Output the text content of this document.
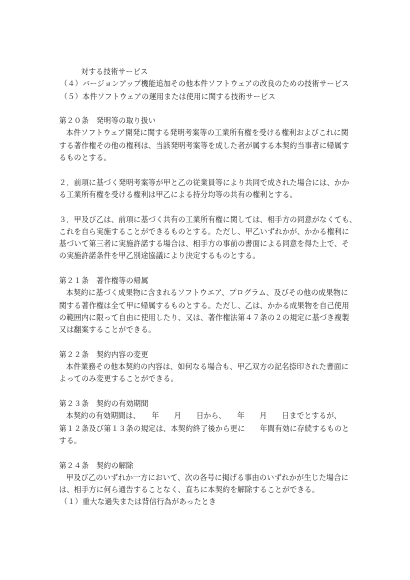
対する技術サービス
（４）バージョンアップ機能追加その他本件ソフトウェアの改良のための技術サービス
（５）本件ソフトウェアの運用または使用に関する技術サービス
第２０条　発明等の取り扱い
本件ソフトウェア開発に関する発明考案等の工業所有権を受ける権利およびこれに関
する著作権その他の権利は、当該発明考案等を成した者が属する本契約当事者に帰属す
るものとする。
２．前項に基づく発明考案等が甲と乙の従業員等により共同で成された場合には、かか
る工業所有権を受ける権利は甲乙による持分均等の共有の権利とする。
３．甲及び乙は、前項に基づく共有の工業所有権に関しては、相手方の同意がなくても、
これを自ら実施することができるものとする。ただし、甲乙いずれかが、かかる権利に
基づいて第三者に実施許諾する場合は、相手方の事前の書面による同意を得た上で、そ
の実施許諾条件を甲乙別途協議により決定するものとする。
第２１条　著作権等の帰属
本契約に基づく成果物に含まれるソフトウエア、プログラム、及びその他の成果物に
関する著作権は全て甲に帰属するものとする。ただし、乙は、かかる成果物を自己使用
の範囲内に限って自由に使用したり、又は、著作権法第４７条の２の規定に基づき複製
又は翻案することができる。
第２２条　契約内容の変更
本件業務その他本契約の内容は、如何なる場合も、甲乙双方の記名捺印された書面に
よってのみ変更することができる。
第２３条　契約の有効期間
本契約の有効期間は、　　年　　月　　日から、　　年　　月　　日までとするが、
第１２条及び第１３条の規定は、本契約終了後から更に　　年間有効に存続するものと
する。
第２４条　契約の解除
甲及び乙のいずれか一方において、次の各号に掲げる事由のいずれかが生じた場合に
は、相手方に何ら通告することなく、直ちに本契約を解除することができる。
（１）重大な過失または背信行為があったとき
